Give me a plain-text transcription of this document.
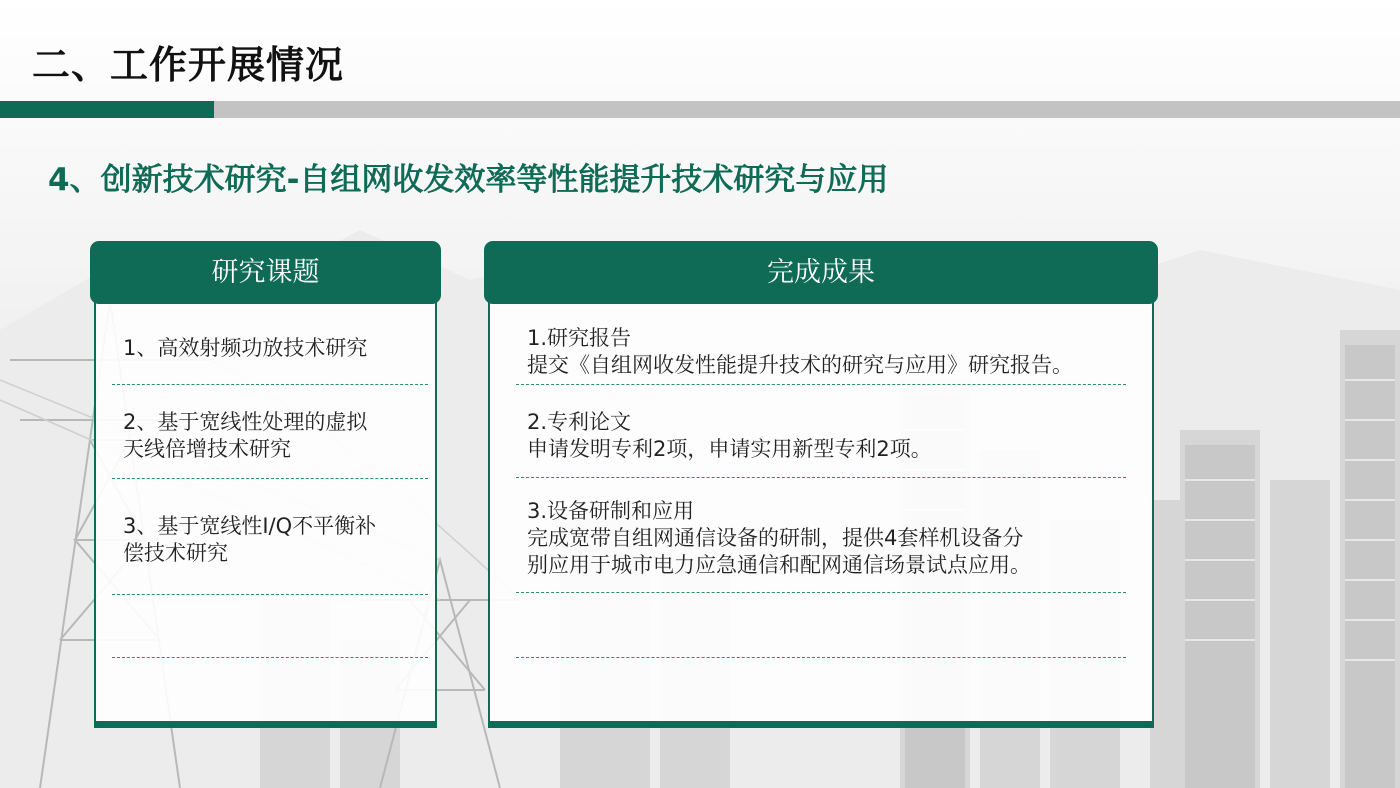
二、工作开展情况
4、创新技术研究-自组网收发效率等性能提升技术研究与应用
研究课题
1、高效射频功放技术研究
2、基于宽线性处理的虚拟
天线倍增技术研究
3、基于宽线性I/Q不平衡补
偿技术研究
完成成果
1.研究报告
提交《自组网收发性能提升技术的研究与应用》研究报告。
2.专利论文
申请发明专利2项，申请实用新型专利2项。
3.设备研制和应用
完成宽带自组网通信设备的研制，提供4套样机设备分
别应用于城市电力应急通信和配网通信场景试点应用。
